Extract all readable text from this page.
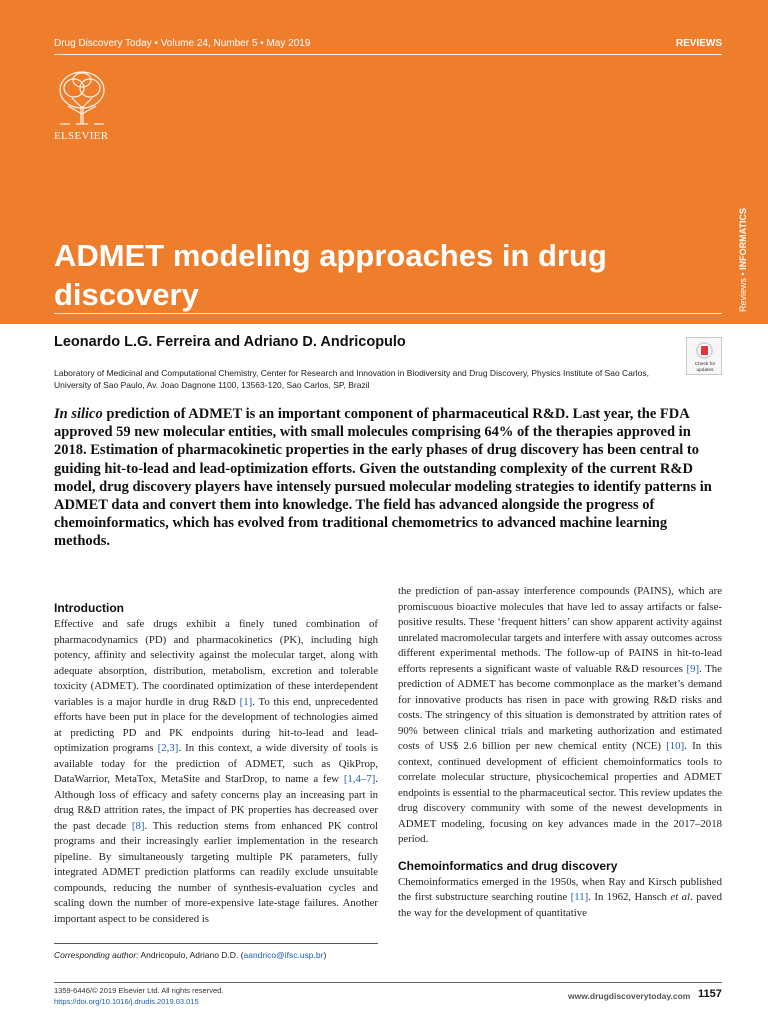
Drug Discovery Today • Volume 24, Number 5 • May 2019	REVIEWS
ELSEVIER
Reviews • INFORMATICS
ADMET modeling approaches in drug discovery
Leonardo L.G. Ferreira and Adriano D. Andricopulo
Laboratory of Medicinal and Computational Chemistry, Center for Research and Innovation in Biodiversity and Drug Discovery, Physics Institute of Sao Carlos, University of Sao Paulo, Av. Joao Dagnone 1100, 13563-120, Sao Carlos, SP, Brazil
Check for updates

In silico prediction of ADMET is an important component of pharmaceutical R&D. Last year, the FDA approved 59 new molecular entities, with small molecules comprising 64% of the therapies approved in 2018. Estimation of pharmacokinetic properties in the early phases of drug discovery has been central to guiding hit-to-lead and lead-optimization efforts. Given the outstanding complexity of the current R&D model, drug discovery players have intensely pursued molecular modeling strategies to identify patterns in ADMET data and convert them into knowledge. The field has advanced alongside the progress of chemoinformatics, which has evolved from traditional chemometrics to advanced machine learning methods.

Introduction

Effective and safe drugs exhibit a finely tuned combination of pharmacodynamics (PD) and pharmacokinetics (PK), including high potency, affinity and selectivity against the molecular target, along with adequate absorption, distribution, metabolism, excretion and tolerable toxicity (ADMET). The coordinated optimization of these interdependent variables is a major hurdle in drug R&D [1]. To this end, unprecedented efforts have been put in place for the development of technologies aimed at predicting PD and PK endpoints during hit-to-lead and lead-optimization programs [2,3]. In this context, a wide diversity of tools is available today for the prediction of ADMET, such as QikProp, DataWarrior, MetaTox, MetaSite and StarDrop, to name a few [1,4–7]. Although loss of efficacy and safety concerns play an increasing part in drug R&D attrition rates, the impact of PK properties has decreased over the past decade [8]. This reduction stems from enhanced PK control programs and their increasingly earlier implementation in the research pipeline. By simultaneously targeting multiple PK parameters, fully integrated ADMET prediction platforms can readily exclude unsuitable compounds, reducing the number of synthesis-evaluation cycles and scaling down the number of more-expensive late-stage failures. Another important aspect to be considered is

the prediction of pan-assay interference compounds (PAINS), which are promiscuous bioactive molecules that have led to assay artifacts or false-positive results. These ‘frequent hitters’ can show apparent activity against unrelated macromolecular targets and interfere with assay outcomes across different experimental methods. The follow-up of PAINS in hit-to-lead efforts represents a significant waste of valuable R&D resources [9]. The prediction of ADMET has become commonplace as the market’s demand for innovative products has risen in pace with growing R&D risks and costs. The stringency of this situation is demonstrated by attrition rates of 90% between clinical trials and marketing authorization and estimated costs of US$ 2.6 billion per new chemical entity (NCE) [10]. In this context, continued development of efficient chemoinformatics tools to correlate molecular structure, physicochemical properties and ADMET endpoints is essential to the pharmaceutical sector. This review updates the drug discovery community with some of the newest developments in ADMET modeling, focusing on key advances made in the 2017–2018 period.

Chemoinformatics and drug discovery

Chemoinformatics emerged in the 1950s, when Ray and Kirsch published the first substructure searching routine [11]. In 1962, Hansch et al. paved the way for the development of quantitative

Corresponding author: Andricopulo, Adriano D.D. (aandrico@ifsc.usp.br)
1359-6446/© 2019 Elsevier Ltd. All rights reserved.
https://doi.org/10.1016/j.drudis.2019.03.015	www.drugdiscoverytoday.com 1157
